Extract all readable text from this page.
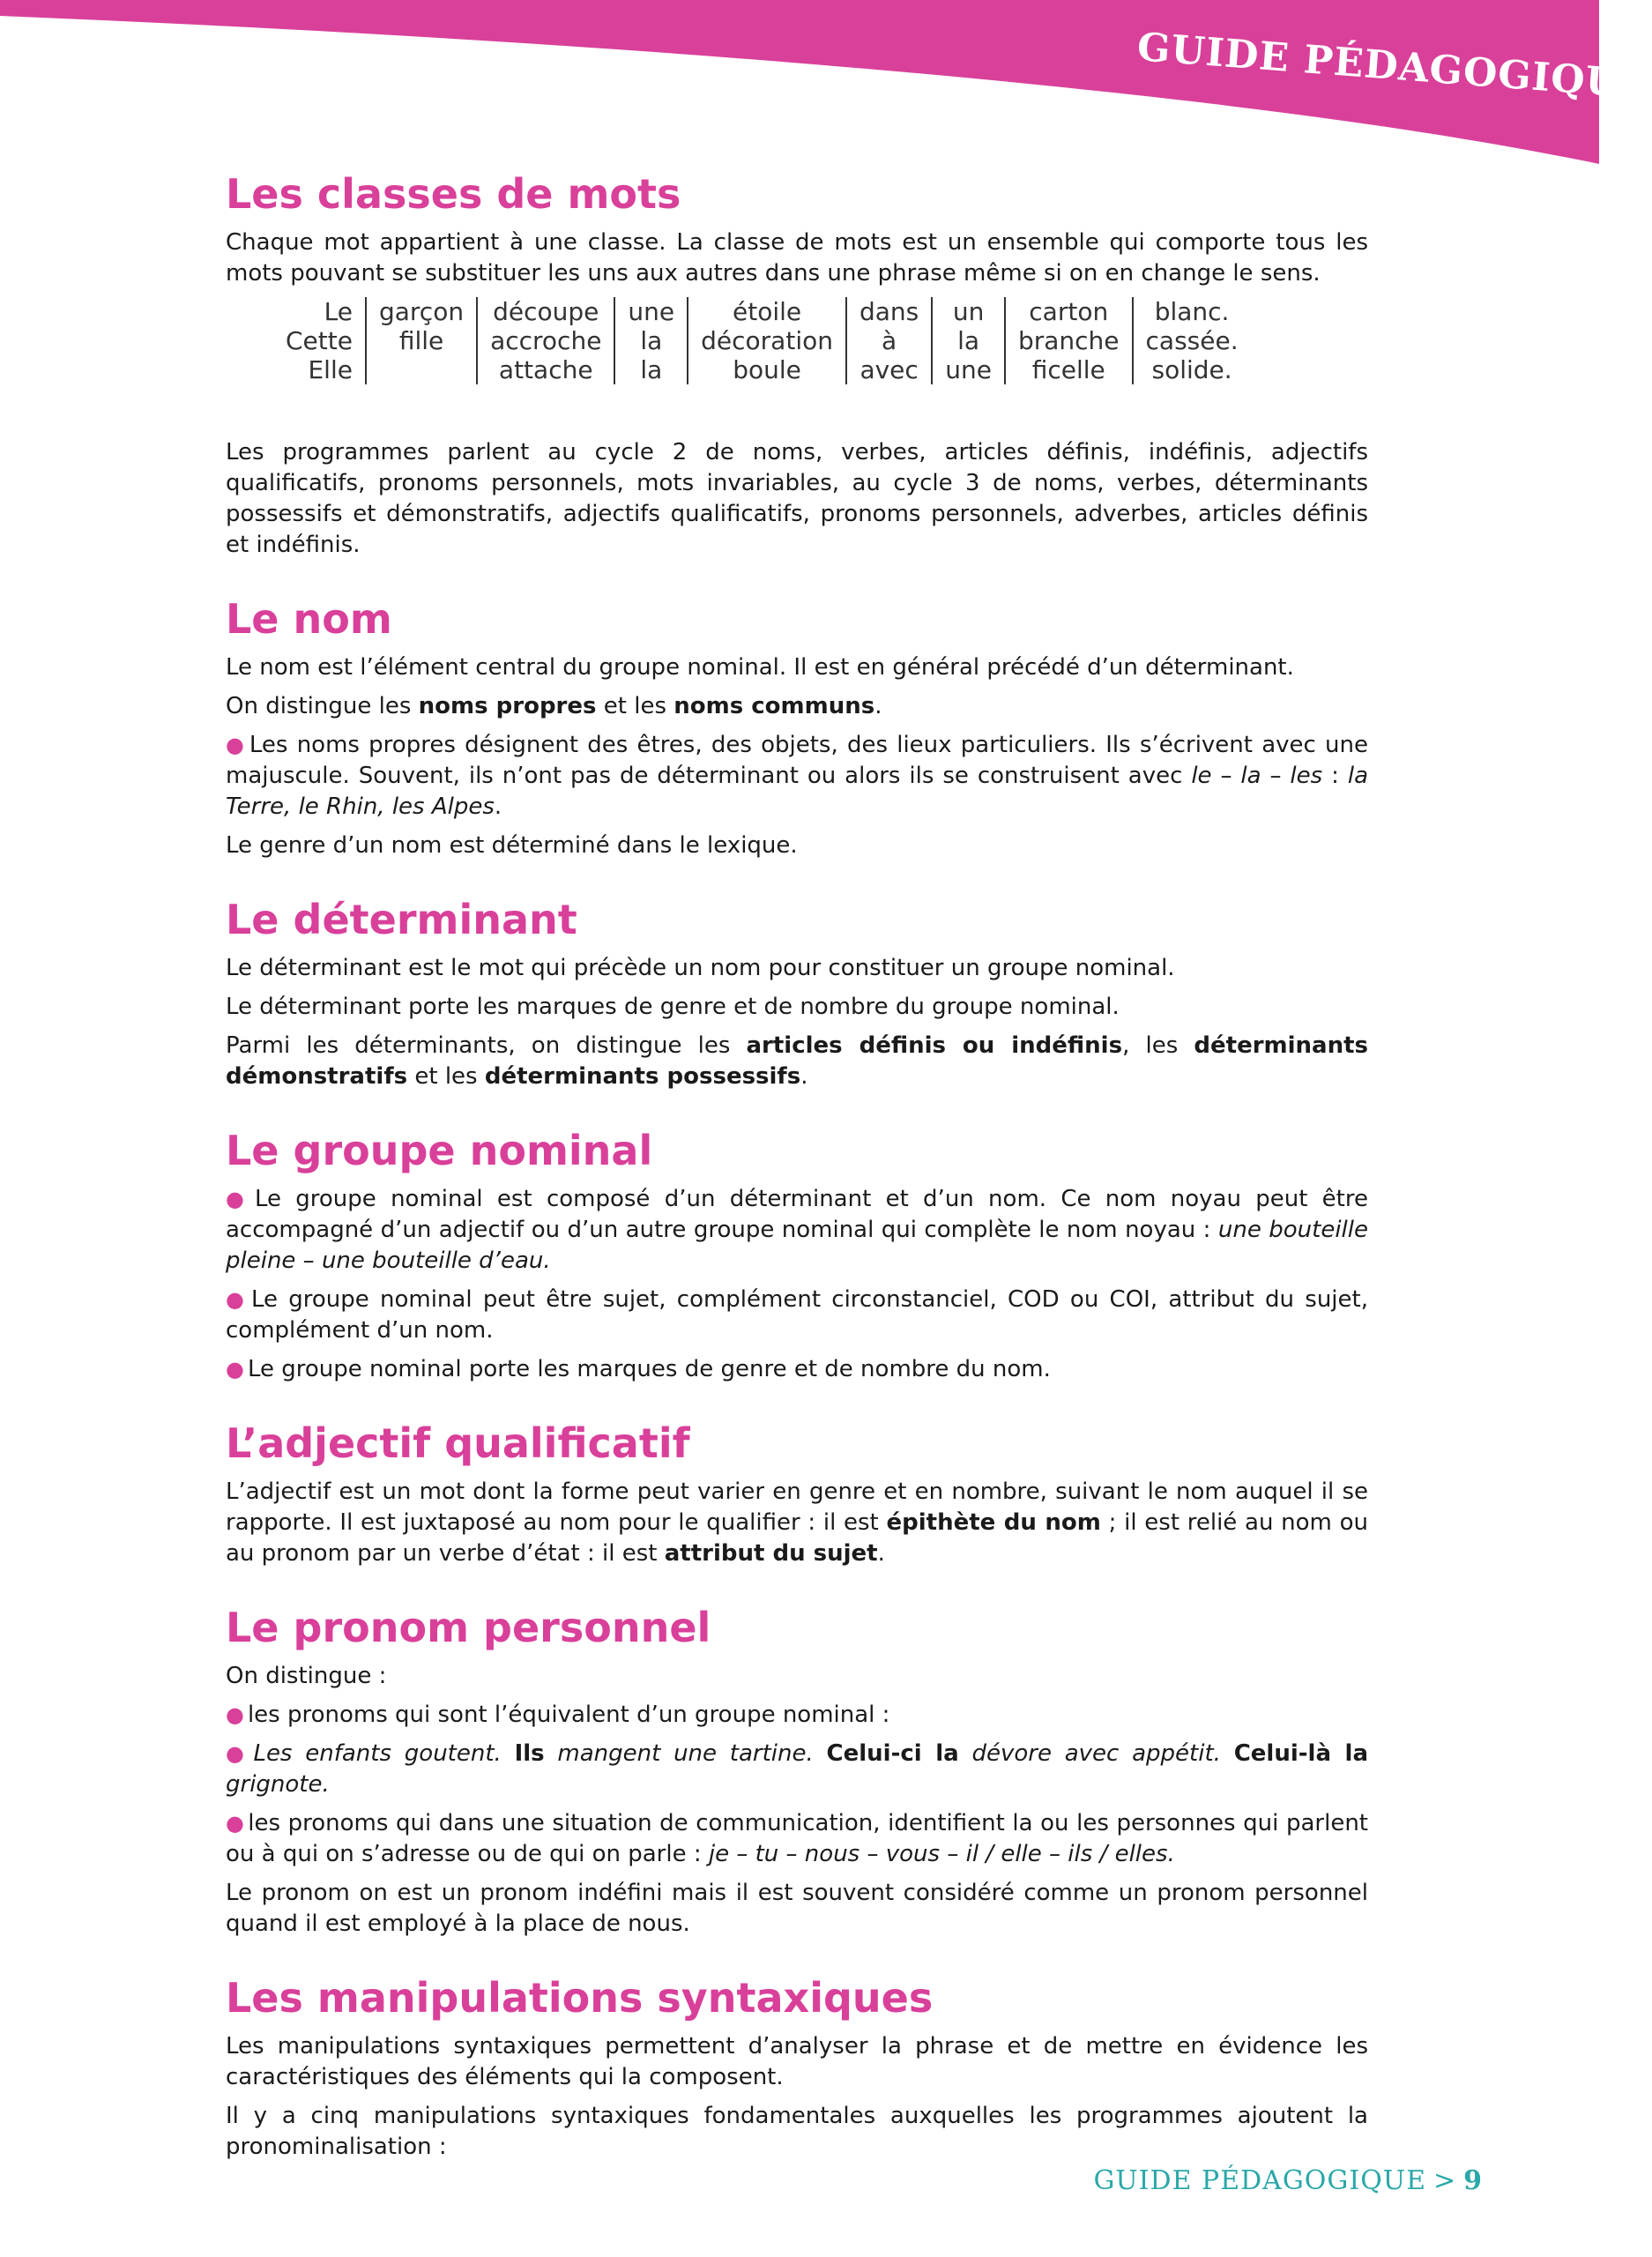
GUIDE PÉDAGOGIQUE
Les classes de mots

Chaque mot appartient à une classe. La classe de mots est un ensemble qui comporte tous les mots pouvant se substituer les uns aux autres dans une phrase même si on en change le sens.

Le	garçon	découpe	une	étoile	dans	un	carton	blanc.
Cette	fille	accroche	la	décoration	à	la	branche	cassée.
Elle		attache	la	boule	avec	une	ficelle	solide.

Les programmes parlent au cycle 2 de noms, verbes, articles définis, indéfinis, adjectifs qualificatifs, pronoms personnels, mots invariables, au cycle 3 de noms, verbes, déterminants possessifs et démonstratifs, adjectifs qualificatifs, pronoms personnels, adverbes, articles définis et indéfinis.

Le nom

Le nom est l’élément central du groupe nominal. Il est en général précédé d’un déterminant.

On distingue les noms propres et les noms communs.

● Les noms propres désignent des êtres, des objets, des lieux particuliers. Ils s’écrivent avec une majuscule. Souvent, ils n’ont pas de déterminant ou alors ils se construisent avec le – la – les : la Terre, le Rhin, les Alpes.

Le genre d’un nom est déterminé dans le lexique.

Le déterminant

Le déterminant est le mot qui précède un nom pour constituer un groupe nominal.

Le déterminant porte les marques de genre et de nombre du groupe nominal.

Parmi les déterminants, on distingue les articles définis ou indéfinis, les déterminants démonstratifs et les déterminants possessifs.

Le groupe nominal

● Le groupe nominal est composé d’un déterminant et d’un nom. Ce nom noyau peut être accompagné d’un adjectif ou d’un autre groupe nominal qui complète le nom noyau : une bouteille pleine – une bouteille d’eau.

● Le groupe nominal peut être sujet, complément circonstanciel, COD ou COI, attribut du sujet, complément d’un nom.

● Le groupe nominal porte les marques de genre et de nombre du nom.

L’adjectif qualificatif

L’adjectif est un mot dont la forme peut varier en genre et en nombre, suivant le nom auquel il se rapporte. Il est juxtaposé au nom pour le qualifier : il est épithète du nom ; il est relié au nom ou au pronom par un verbe d’état : il est attribut du sujet.

Le pronom personnel

On distingue :

● les pronoms qui sont l’équivalent d’un groupe nominal :

● Les enfants goutent. Ils mangent une tartine. Celui-ci la dévore avec appétit. Celui-là la grignote.

● les pronoms qui dans une situation de communication, identifient la ou les personnes qui parlent ou à qui on s’adresse ou de qui on parle : je – tu – nous – vous – il / elle – ils / elles.

Le pronom on est un pronom indéfini mais il est souvent considéré comme un pronom personnel quand il est employé à la place de nous.

Les manipulations syntaxiques

Les manipulations syntaxiques permettent d’analyser la phrase et de mettre en évidence les caractéristiques des éléments qui la composent.

Il y a cinq manipulations syntaxiques fondamentales auxquelles les programmes ajoutent la pronominalisation :

GUIDE PÉDAGOGIQUE > 9
